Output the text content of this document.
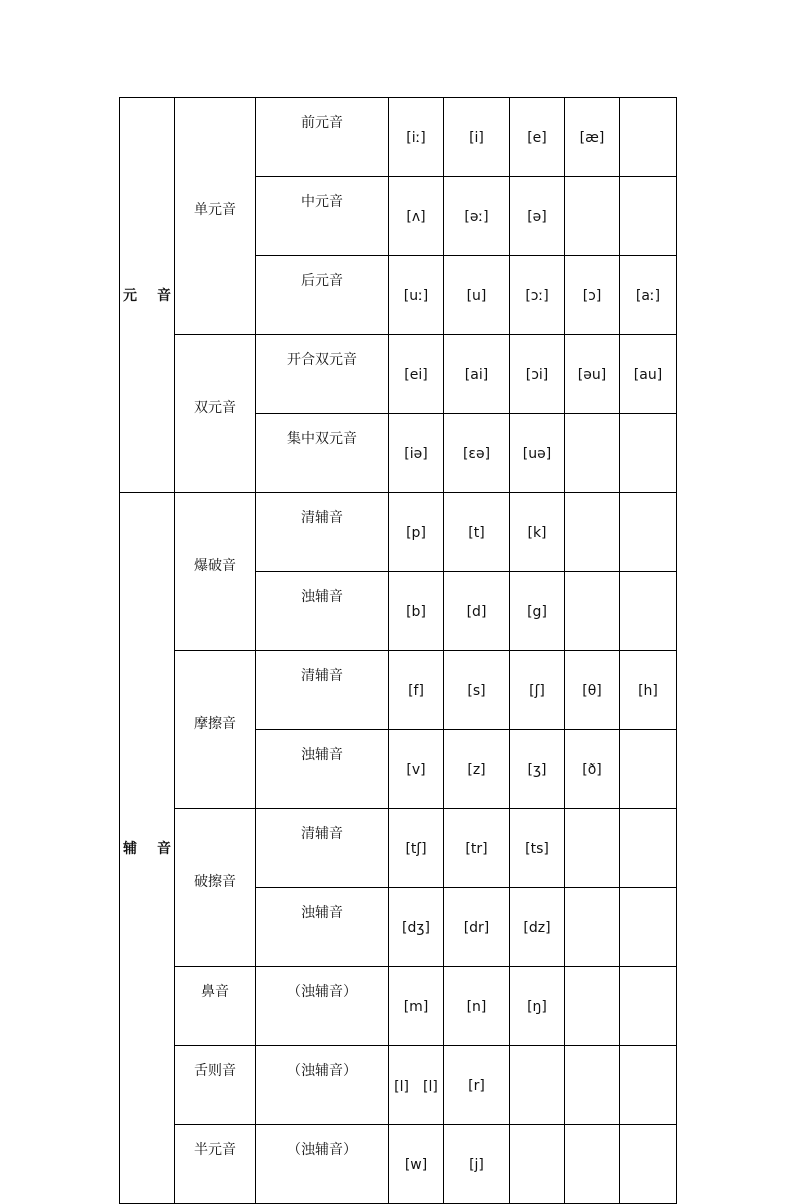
元 音	单元音	前元音	[iː]	[i]	[e]	[æ]	
		中元音	[ʌ]	[əː]	[ə]		
		后元音	[uː]	[u]	[ɔː]	[ɔ]	[aː]
	双元音	开合双元音	[ei]	[ai]	[ɔi]	[əu]	[au]
		集中双元音	[iə]	[εə]	[uə]		
辅 音	爆破音	清辅音	[p]	[t]	[k]		
		浊辅音	[b]	[d]	[g]		
	摩擦音	清辅音	[f]	[s]	[ʃ]	[θ]	[h]
		浊辅音	[v]	[z]	[ʒ]	[ð]	
	破擦音	清辅音	[tʃ]	[tr]	[ts]		
		浊辅音	[dʒ]	[dr]	[dz]		
	鼻音	（浊辅音）	[m]	[n]	[ŋ]		
	舌则音	（浊辅音）	[l]　[l]	[r]			
	半元音	（浊辅音）	[w]	[j]			
